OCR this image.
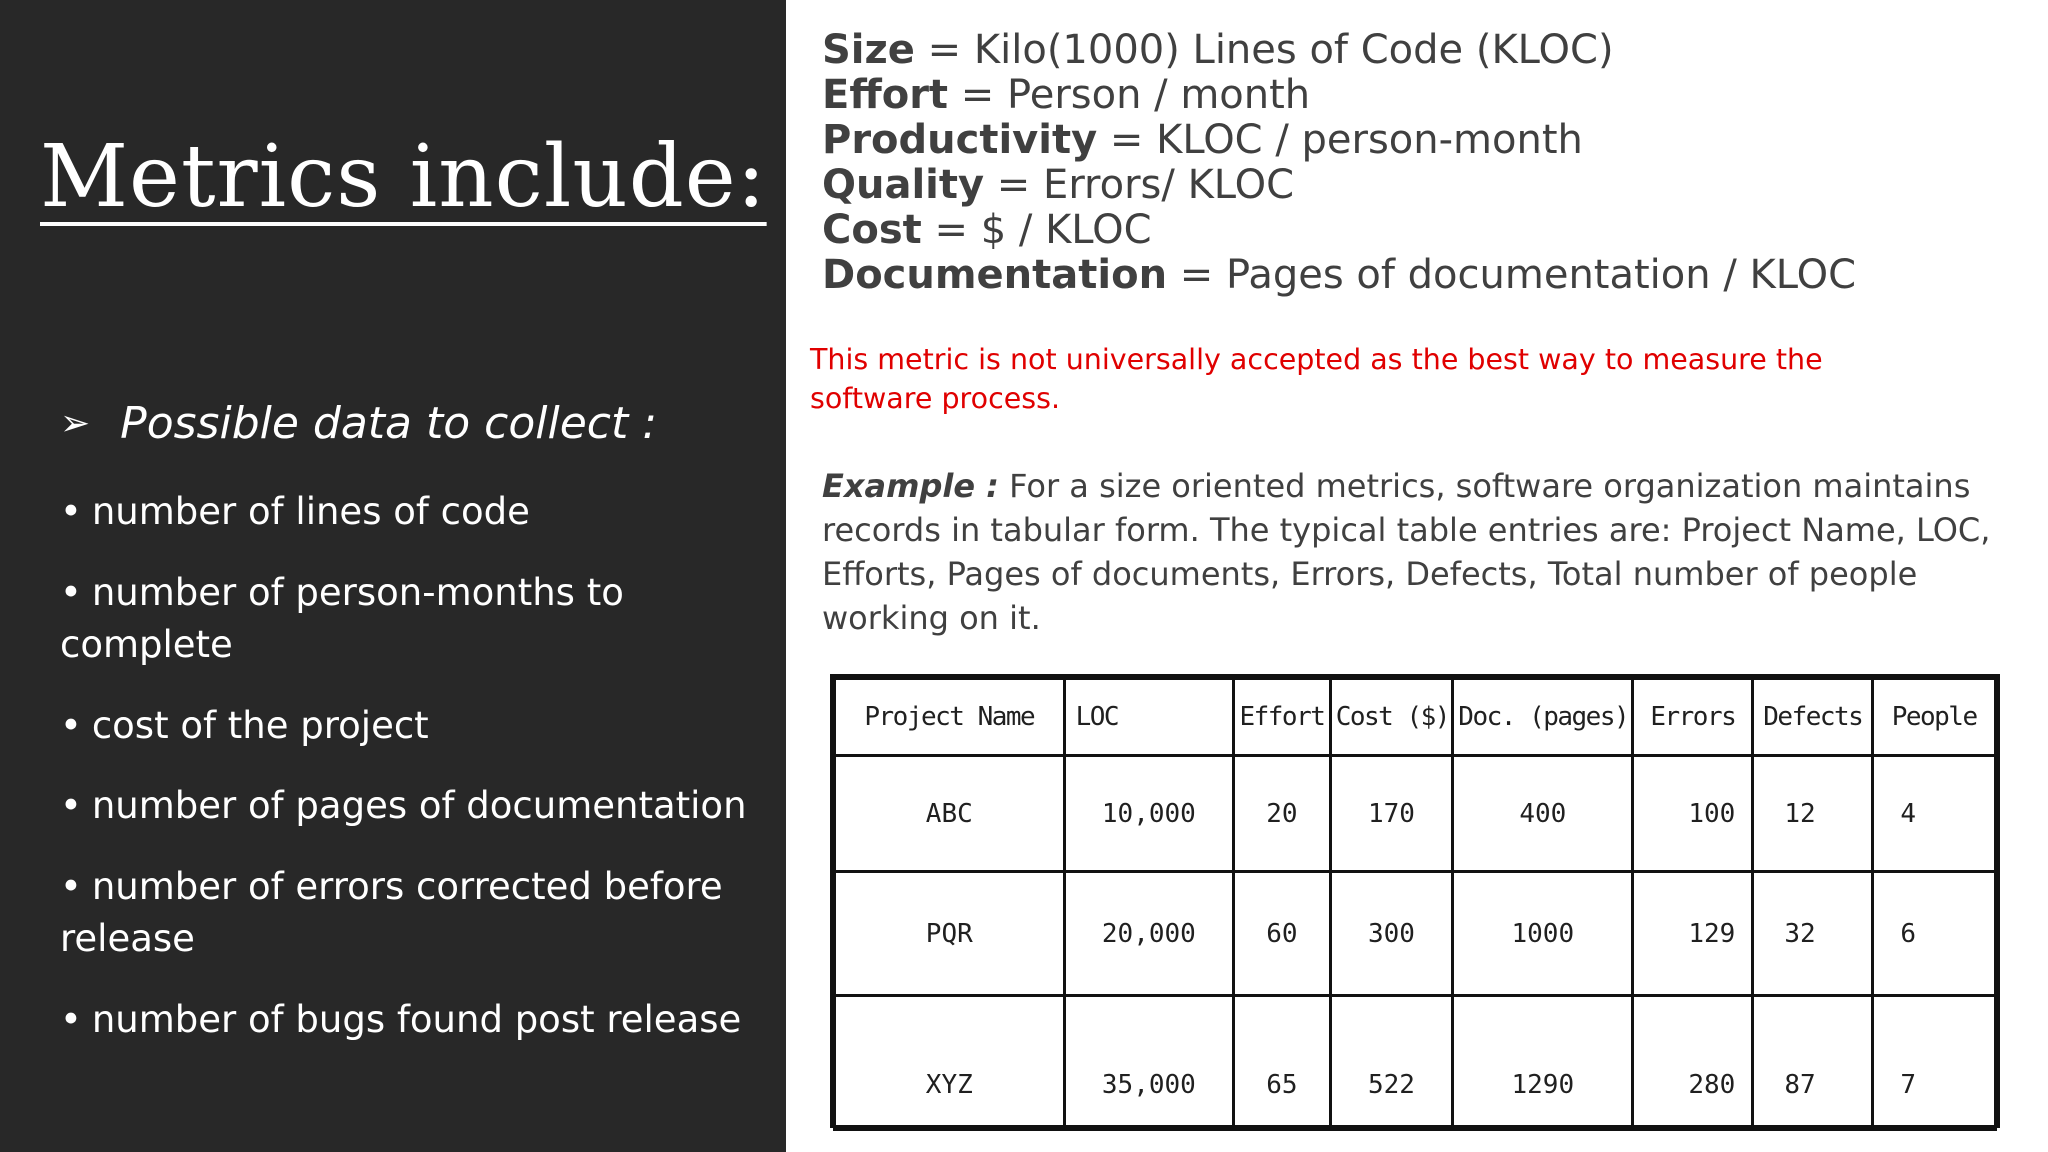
Metrics include:
➢ Possible data to collect :
• number of lines of code
• number of person-months to complete
• cost of the project
• number of pages of documentation
• number of errors corrected before release
• number of bugs found post release
Size = Kilo(1000) Lines of Code (KLOC)
Effort = Person / month
Productivity = KLOC / person-month
Quality = Errors/ KLOC
Cost = $ / KLOC
Documentation = Pages of documentation / KLOC

This metric is not universally accepted as the best way to measure the software process.

Example : For a size oriented metrics, software organization maintains records in tabular form. The typical table entries are: Project Name, LOC, Efforts, Pages of documents, Errors, Defects, Total number of people working on it.

Project Name	LOC	Effort	Cost ($)	Doc. (pages)	Errors	Defects	People
ABC	10,000	20	170	400	100	12	4
PQR	20,000	60	300	1000	129	32	6
XYZ	35,000	65	522	1290	280	87	7
